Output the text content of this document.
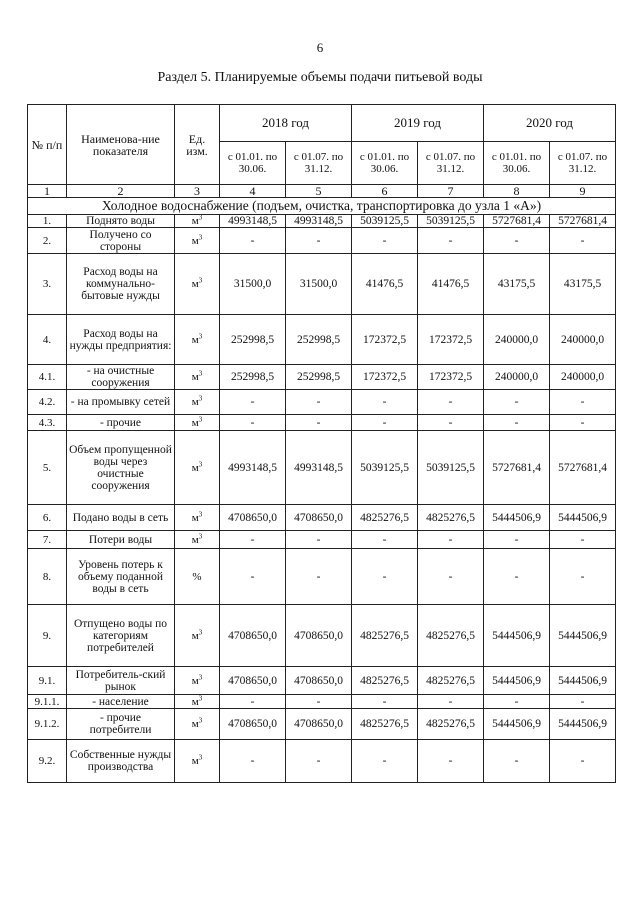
6
Раздел 5. Планируемые объемы подачи питьевой воды
№ п/п	Наименова-ние показателя	Ед. изм.	2018 год		2019 год		2020 год	
			с 01.01. по 30.06.	с 01.07. по 31.12.	с 01.01. по 30.06.	с 01.07. по 31.12.	с 01.01. по 30.06.	с 01.07. по 31.12.
1	2	3	4	5	6	7	8	9
Холодное водоснабжение (подъем, очистка, транспортировка до узла 1 «А»)								
1.	Поднято воды	$м^3$	4993148,5	4993148,5	5039125,5	5039125,5	5727681,4	5727681,4
2.	Получено со стороны	$м^3$	-	-	-	-	-	-
3.	Расход воды на коммунально-бытовые нужды	$м^3$	31500,0	31500,0	41476,5	41476,5	43175,5	43175,5
4.	Расход воды на нужды предприятия:	$м^3$	252998,5	252998,5	172372,5	172372,5	240000,0	240000,0
4.1.	- на очистные сооружения	$м^3$	252998,5	252998,5	172372,5	172372,5	240000,0	240000,0
4.2.	- на промывку сетей	$м^3$	-	-	-	-	-	-
4.3.	- прочие	$м^3$	-	-	-	-	-	-
5.	Объем пропущенной воды через очистные сооружения	$м^3$	4993148,5	4993148,5	5039125,5	5039125,5	5727681,4	5727681,4
6.	Подано воды в сеть	$м^3$	4708650,0	4708650,0	4825276,5	4825276,5	5444506,9	5444506,9
7.	Потери воды	$м^3$	-	-	-	-	-	-
8.	Уровень потерь к объему поданной воды в сеть	%	-	-	-	-	-	-
9.	Отпущено воды по категориям потребителей	$м^3$	4708650,0	4708650,0	4825276,5	4825276,5	5444506,9	5444506,9
9.1.	Потребитель-ский рынок	$м^3$	4708650,0	4708650,0	4825276,5	4825276,5	5444506,9	5444506,9
9.1.1.	- население	$м^3$	-	-	-	-	-	-
9.1.2.	- прочие потребители	$м^3$	4708650,0	4708650,0	4825276,5	4825276,5	5444506,9	5444506,9
9.2.	Собственные нужды производства	$м^3$	-	-	-	-	-	-
